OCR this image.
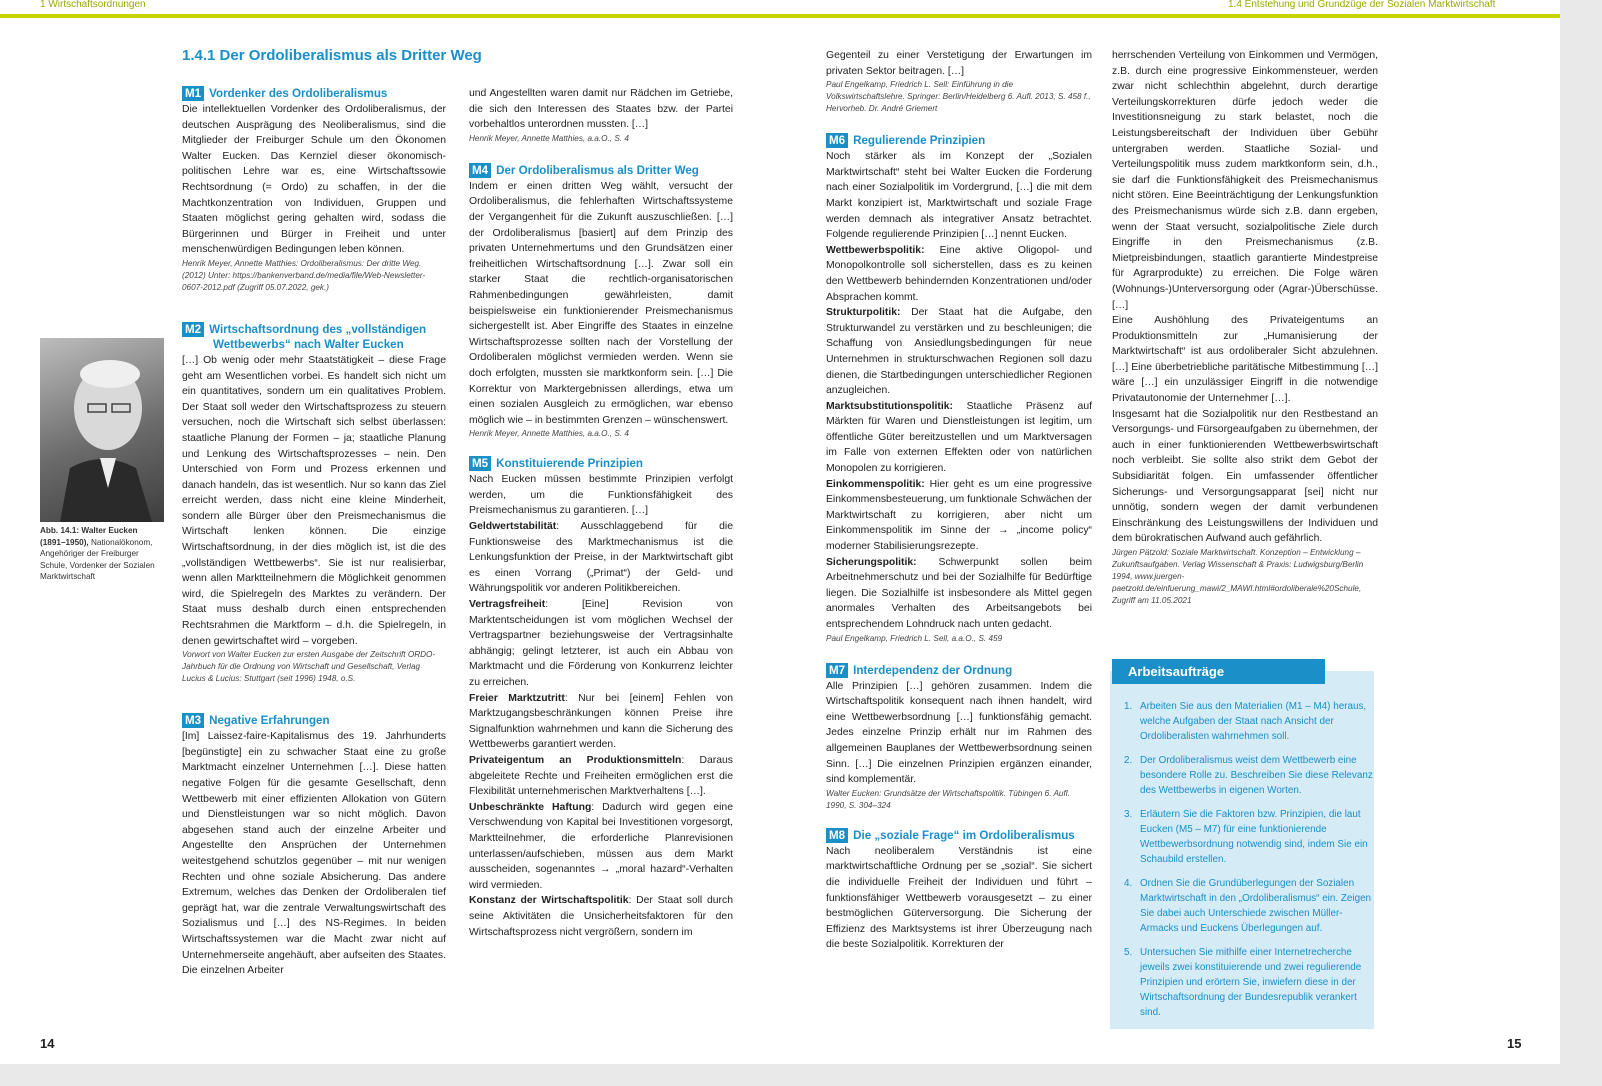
1 Wirtschaftsordnungen	1.4 Entstehung und Grundzüge der Sozialen Marktwirtschaft
1.4.1 Der Ordoliberalismus als Dritter Weg
Abb. 14.1: Walter Eucken (1891–1950), Nationalökonom, Angehöriger der Freiburger Schule, Vordenker der Sozialen Marktwirtschaft
M1 Vordenker des Ordoliberalismus

Die intellektuellen Vordenker des Ordoliberalismus, der deutschen Ausprägung des Neoliberalismus, sind die Mitglieder der Freiburger Schule um den Ökonomen Walter Eucken. Das Kernziel dieser ökonomisch-politischen Lehre war es, eine Wirtschaftssowie Rechtsordnung (= Ordo) zu schaffen, in der die Machtkonzentration von Individuen, Gruppen und Staaten möglichst gering gehalten wird, sodass die Bürgerinnen und Bürger in Freiheit und unter menschenwürdigen Bedingungen leben können.

Henrik Meyer, Annette Matthies: Ordoliberalismus: Der dritte Weg. (2012) Unter: https://bankenverband.de/media/file/Web-Newsletter-0607-2012.pdf (Zugriff 05.07.2022, gek.)

M2 Wirtschaftsordnung des „vollständigen
Wettbewerbs“ nach Walter Eucken

[…] Ob wenig oder mehr Staatstätigkeit – diese Frage geht am Wesentlichen vorbei. Es handelt sich nicht um ein quantitatives, sondern um ein qualitatives Problem. Der Staat soll weder den Wirtschaftsprozess zu steuern versuchen, noch die Wirtschaft sich selbst überlassen: staatliche Planung der Formen – ja; staatliche Planung und Lenkung des Wirtschaftsprozesses – nein. Den Unterschied von Form und Prozess erkennen und danach handeln, das ist wesentlich. Nur so kann das Ziel erreicht werden, dass nicht eine kleine Minderheit, sondern alle Bürger über den Preismechanismus die Wirtschaft lenken können. Die einzige Wirtschaftsordnung, in der dies möglich ist, ist die des „vollständigen Wettbewerbs“. Sie ist nur realisierbar, wenn allen Marktteilnehmern die Möglichkeit genommen wird, die Spielregeln des Marktes zu verändern. Der Staat muss deshalb durch einen entsprechenden Rechtsrahmen die Marktform – d.h. die Spielregeln, in denen gewirtschaftet wird – vorgeben.

Vorwort von Walter Eucken zur ersten Ausgabe der Zeitschrift ORDO-Jahrbuch für die Ordnung von Wirtschaft und Gesellschaft, Verlag Lucius & Lucius: Stuttgart (seit 1996) 1948, o.S.

M3 Negative Erfahrungen

[Im] Laissez-faire-Kapitalismus des 19. Jahrhunderts [begünstigte] ein zu schwacher Staat eine zu große Marktmacht einzelner Unternehmen […]. Diese hatten negative Folgen für die gesamte Gesellschaft, denn Wettbewerb mit einer effizienten Allokation von Gütern und Dienstleistungen war so nicht möglich. Davon abgesehen stand auch der einzelne Arbeiter und Angestellte den Ansprüchen der Unternehmen weitestgehend schutzlos gegenüber – mit nur wenigen Rechten und ohne soziale Absicherung. Das andere Extremum, welches das Denken der Ordoliberalen tief geprägt hat, war die zentrale Verwaltungswirtschaft des Sozialismus und […] des NS-Regimes. In beiden Wirtschaftssystemen war die Macht zwar nicht auf Unternehmerseite angehäuft, aber aufseiten des Staates. Die einzelnen Arbeiter

und Angestellten waren damit nur Rädchen im Getriebe, die sich den Interessen des Staates bzw. der Partei vorbehaltlos unterordnen mussten. […]

Henrik Meyer, Annette Matthies, a.a.O., S. 4

M4 Der Ordoliberalismus als Dritter Weg

Indem er einen dritten Weg wählt, versucht der Ordoliberalismus, die fehlerhaften Wirtschaftssysteme der Vergangenheit für die Zukunft auszuschließen. […] der Ordoliberalismus [basiert] auf dem Prinzip des privaten Unternehmertums und den Grundsätzen einer freiheitlichen Wirtschaftsordnung […]. Zwar soll ein starker Staat die rechtlich-organisatorischen Rahmenbedingungen gewährleisten, damit beispielsweise ein funktionierender Preismechanismus sichergestellt ist. Aber Eingriffe des Staates in einzelne Wirtschaftsprozesse sollten nach der Vorstellung der Ordoliberalen möglichst vermieden werden. Wenn sie doch erfolgten, mussten sie marktkonform sein. […] Die Korrektur von Marktergebnissen allerdings, etwa um einen sozialen Ausgleich zu ermöglichen, war ebenso möglich wie – in bestimmten Grenzen – wünschenswert.

Henrik Meyer, Annette Matthies, a.a.O., S. 4

M5 Konstituierende Prinzipien

Nach Eucken müssen bestimmte Prinzipien verfolgt werden, um die Funktionsfähigkeit des Preismechanismus zu garantieren. […]

Geldwertstabilität: Ausschlaggebend für die Funktionsweise des Marktmechanismus ist die Lenkungsfunktion der Preise, in der Marktwirtschaft gibt es einen Vorrang („Primat“) der Geld- und Währungspolitik vor anderen Politikbereichen.

Vertragsfreiheit: [Eine] Revision von Marktentscheidungen ist vom möglichen Wechsel der Vertragspartner beziehungsweise der Vertragsinhalte abhängig; gelingt letzterer, ist auch ein Abbau von Marktmacht und die Förderung von Konkurrenz leichter zu erreichen.

Freier Marktzutritt: Nur bei [einem] Fehlen von Marktzugangsbeschränkungen können Preise ihre Signalfunktion wahrnehmen und kann die Sicherung des Wettbewerbs garantiert werden.

Privateigentum an Produktionsmitteln: Daraus abgeleitete Rechte und Freiheiten ermöglichen erst die Flexibilität unternehmerischen Marktverhaltens […].

Unbeschränkte Haftung: Dadurch wird gegen eine Verschwendung von Kapital bei Investitionen vorgesorgt, Marktteilnehmer, die erforderliche Planrevisionen unterlassen/aufschieben, müssen aus dem Markt ausscheiden, sogenanntes → „moral hazard“-Verhalten wird vermieden.

Konstanz der Wirtschaftspolitik: Der Staat soll durch seine Aktivitäten die Unsicherheitsfaktoren für den Wirtschaftsprozess nicht vergrößern, sondern im

Gegenteil zu einer Verstetigung der Erwartungen im privaten Sektor beitragen. […]

Paul Engelkamp, Friedrich L. Sell: Einführung in die Volkswirtschaftslehre. Springer: Berlin/Heidelberg 6. Aufl. 2013, S. 458 f., Hervorheb. Dr. André Griemert

M6 Regulierende Prinzipien

Noch stärker als im Konzept der „Sozialen Marktwirtschaft“ steht bei Walter Eucken die Forderung nach einer Sozialpolitik im Vordergrund, […] die mit dem Markt konzipiert ist, Marktwirtschaft und soziale Frage werden demnach als integrativer Ansatz betrachtet. Folgende regulierende Prinzipien […] nennt Eucken.

Wettbewerbspolitik: Eine aktive Oligopol- und Monopolkontrolle soll sicherstellen, dass es zu keinen den Wettbewerb behindernden Konzentrationen und/oder Absprachen kommt.

Strukturpolitik: Der Staat hat die Aufgabe, den Strukturwandel zu verstärken und zu beschleunigen; die Schaffung von Ansiedlungsbedingungen für neue Unternehmen in strukturschwachen Regionen soll dazu dienen, die Startbedingungen unterschiedlicher Regionen anzugleichen.

Marktsubstitutionspolitik: Staatliche Präsenz auf Märkten für Waren und Dienstleistungen ist legitim, um öffentliche Güter bereitzustellen und um Marktversagen im Falle von externen Effekten oder von natürlichen Monopolen zu korrigieren.

Einkommenspolitik: Hier geht es um eine progressive Einkommensbesteuerung, um funktionale Schwächen der Marktwirtschaft zu korrigieren, aber nicht um Einkommenspolitik im Sinne der → „income policy“ moderner Stabilisierungsrezepte.

Sicherungspolitik: Schwerpunkt sollen beim Arbeitnehmerschutz und bei der Sozialhilfe für Bedürftige liegen. Die Sozialhilfe ist insbesondere als Mittel gegen anormales Verhalten des Arbeitsangebots bei entsprechendem Lohndruck nach unten gedacht.

Paul Engelkamp, Friedrich L. Sell, a.a.O., S. 459

M7 Interdependenz der Ordnung

Alle Prinzipien […] gehören zusammen. Indem die Wirtschaftspolitik konsequent nach ihnen handelt, wird eine Wettbewerbsordnung […] funktionsfähig gemacht. Jedes einzelne Prinzip erhält nur im Rahmen des allgemeinen Bauplanes der Wettbewerbsordnung seinen Sinn. […] Die einzelnen Prinzipien ergänzen einander, sind komplementär.

Walter Eucken: Grundsätze der Wirtschaftspolitik. Tübingen 6. Aufl. 1990, S. 304–324

M8 Die „soziale Frage“ im Ordoliberalismus

Nach neoliberalem Verständnis ist eine marktwirtschaftliche Ordnung per se „sozial“. Sie sichert die individuelle Freiheit der Individuen und führt – funktionsfähiger Wettbewerb vorausgesetzt – zu einer bestmöglichen Güterversorgung. Die Sicherung der Effizienz des Marktsystems ist ihrer Überzeugung nach die beste Sozialpolitik. Korrekturen der

herrschenden Verteilung von Einkommen und Vermögen, z.B. durch eine progressive Einkommensteuer, werden zwar nicht schlechthin abgelehnt, durch derartige Verteilungskorrekturen dürfe jedoch weder die Investitionsneigung zu stark belastet, noch die Leistungsbereitschaft der Individuen über Gebühr untergraben werden. Staatliche Sozial- und Verteilungspolitik muss zudem marktkonform sein, d.h., sie darf die Funktionsfähigkeit des Preismechanismus nicht stören. Eine Beeinträchtigung der Lenkungsfunktion des Preismechanismus würde sich z.B. dann ergeben, wenn der Staat versucht, sozialpolitische Ziele durch Eingriffe in den Preismechanismus (z.B. Mietpreisbindungen, staatlich garantierte Mindestpreise für Agrarprodukte) zu erreichen. Die Folge wären (Wohnungs-)Unterversorgung oder (Agrar-)Überschüsse. […]

Eine Aushöhlung des Privateigentums an Produktionsmitteln zur „Humanisierung der Marktwirtschaft“ ist aus ordoliberaler Sicht abzulehnen. […] Eine überbetriebliche paritätische Mitbestimmung […] wäre […] ein unzulässiger Eingriff in die notwendige Privatautonomie der Unternehmer […].

Insgesamt hat die Sozialpolitik nur den Restbestand an Versorgungs- und Fürsorgeaufgaben zu übernehmen, der auch in einer funktionierenden Wettbewerbswirtschaft noch verbleibt. Sie sollte also strikt dem Gebot der Subsidiarität folgen. Ein umfassender öffentlicher Sicherungs- und Versorgungsapparat [sei] nicht nur unnötig, sondern wegen der damit verbundenen Einschränkung des Leistungswillens der Individuen und dem bürokratischen Aufwand auch gefährlich.

Jürgen Pätzold: Soziale Marktwirtschaft. Konzeption – Entwicklung – Zukunftsaufgaben. Verlag Wissenschaft & Praxis: Ludwigsburg/Berlin 1994, www.juergen-paetzold.de/einfuerung_mawi/2_MAWI.html#ordoliberale%20Schule, Zugriff am 11.05.2021

1. Arbeiten Sie aus den Materialien (M1 – M4) heraus, welche Aufgaben der Staat nach Ansicht der Ordoliberalisten wahrnehmen soll.
2. Der Ordoliberalismus weist dem Wettbewerb eine besondere Rolle zu. Beschreiben Sie diese Relevanz des Wettbewerbs in eigenen Worten.
3. Erläutern Sie die Faktoren bzw. Prinzipien, die laut Eucken (M5 – M7) für eine funktionierende Wettbewerbsordnung notwendig sind, indem Sie ein Schaubild erstellen.
4. Ordnen Sie die Grundüberlegungen der Sozialen Marktwirtschaft in den „Ordoliberalismus“ ein. Zeigen Sie dabei auch Unterschiede zwischen Müller-Armacks und Euckens Überlegungen auf.
5. Untersuchen Sie mithilfe einer Internetrecherche jeweils zwei konstituierende und zwei regulierende Prinzipien und erörtern Sie, inwiefern diese in der Wirtschaftsordnung der Bundesrepublik verankert sind.
Arbeitsaufträge
14	15
